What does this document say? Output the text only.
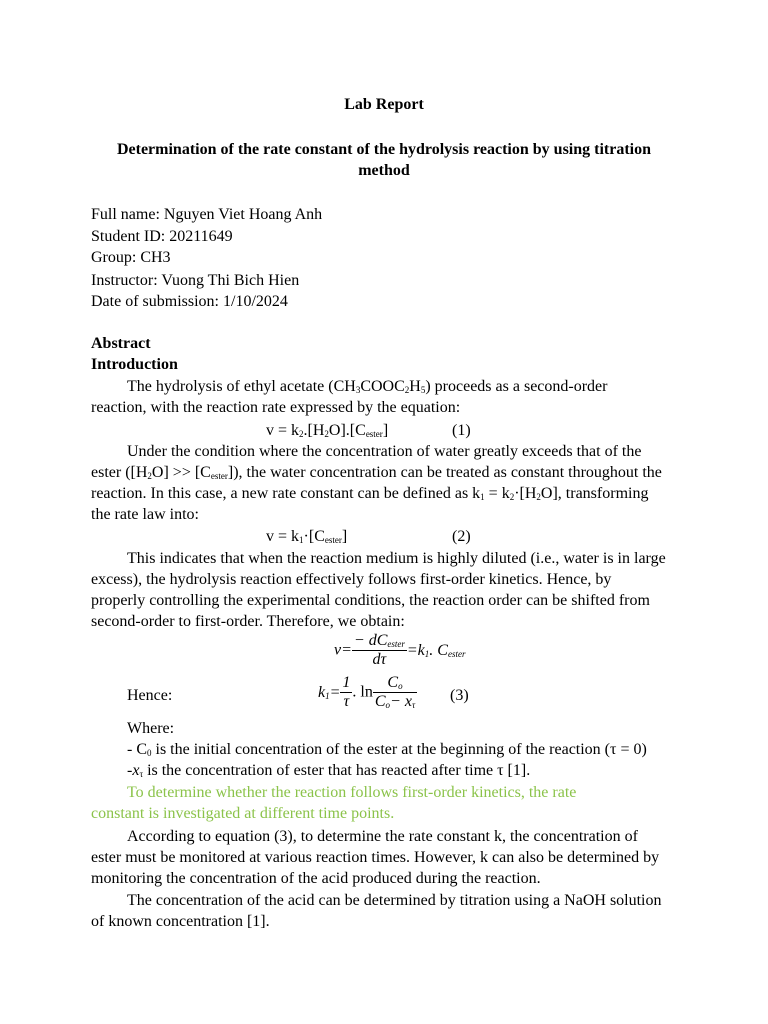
Lab Report
Determination of the rate constant of the hydrolysis reaction by using titration
method
Full name: Nguyen Viet Hoang Anh
Student ID: 20211649
Group: CH3
Instructor: Vuong Thi Bich Hien
Date of submission: 1/10/2024
Abstract
Introduction
The hydrolysis of ethyl acetate $(CH_3COOC_2H_5)$ proceeds as a second-order
reaction, with the reaction rate expressed by the equation:
$v = k_2.[H_2O].[C_{ester}]$	(1)
Under the condition where the concentration of water greatly exceeds that of the
ester $([H_2O] >> [C_{ester}])$, the water concentration can be treated as constant throughout the
reaction. In this case, a new rate constant can be defined as $k_1 = k_2\cdot[H_2O]$, transforming
the rate law into:
$v = k_1\cdot[C_{ester}]$	(2)
This indicates that when the reaction medium is highly diluted (i.e., water is in large
excess), the hydrolysis reaction effectively follows first-order kinetics. Hence, by
properly controlling the experimental conditions, the reaction order can be shifted from
second-order to first-order. Therefore, we obtain:
$v= \frac{- dC_{ester}}{d\tau} =k_1$. $C_{ester}$
Hence:	$k_1= \frac{1}{\tau}$ . $\ln \frac{C_o}{C_o- x_\tau} (3)$
Where:
- $C_0$ is the initial concentration of the ester at the beginning of the reaction (τ = 0)
$-x_\tau$ is the concentration of ester that has reacted after time τ [1].
To determine whether the reaction follows first-order kinetics, the rate
constant is investigated at different time points.
According to equation (3), to determine the rate constant k, the concentration of
ester must be monitored at various reaction times. However, k can also be determined by
monitoring the concentration of the acid produced during the reaction.
The concentration of the acid can be determined by titration using a NaOH solution
of known concentration [1].
